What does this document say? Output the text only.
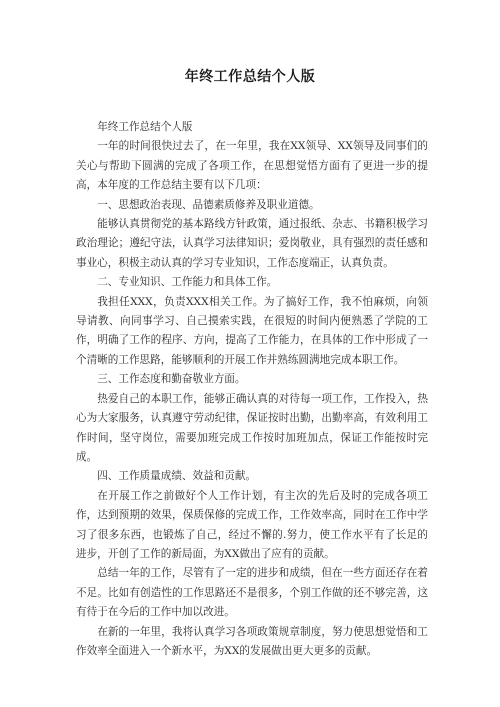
年终工作总结个人版

年终工作总结个人版

一年的时间很快过去了，在一年里，我在XX领导、XX领导及同事们的关心与帮助下圆满的完成了各项工作，在思想觉悟方面有了更进一步的提高，本年度的工作总结主要有以下几项：

一、思想政治表现、品德素质修养及职业道德。

能够认真贯彻党的基本路线方针政策，通过报纸、杂志、书籍积极学习政治理论；遵纪守法，认真学习法律知识；爱岗敬业，具有强烈的责任感和事业心，积极主动认真的学习专业知识，工作态度端正，认真负责。

二、专业知识、工作能力和具体工作。

我担任XXX，负责XXX相关工作。为了搞好工作，我不怕麻烦，向领导请教、向同事学习、自己摸索实践，在很短的时间内便熟悉了学院的工作，明确了工作的程序、方向，提高了工作能力，在具体的工作中形成了一个清晰的工作思路，能够顺利的开展工作并熟练圆满地完成本职工作。

三、工作态度和勤奋敬业方面。

热爱自己的本职工作，能够正确认真的对待每一项工作，工作投入，热心为大家服务，认真遵守劳动纪律，保证按时出勤，出勤率高，有效利用工作时间，坚守岗位，需要加班完成工作按时加班加点，保证工作能按时完成。

四、工作质量成绩、效益和贡献。

在开展工作之前做好个人工作计划，有主次的先后及时的完成各项工作，达到预期的效果，保质保修的完成工作，工作效率高，同时在工作中学习了很多东西，也锻炼了自己，经过不懈的.努力，使工作水平有了长足的进步，开创了工作的新局面，为XX做出了应有的贡献。

总结一年的工作，尽管有了一定的进步和成绩，但在一些方面还存在着不足。比如有创造性的工作思路还不是很多，个别工作做的还不够完善，这有待于在今后的工作中加以改进。

在新的一年里，我将认真学习各项政策规章制度，努力使思想觉悟和工作效率全面进入一个新水平，为XX的发展做出更大更多的贡献。
